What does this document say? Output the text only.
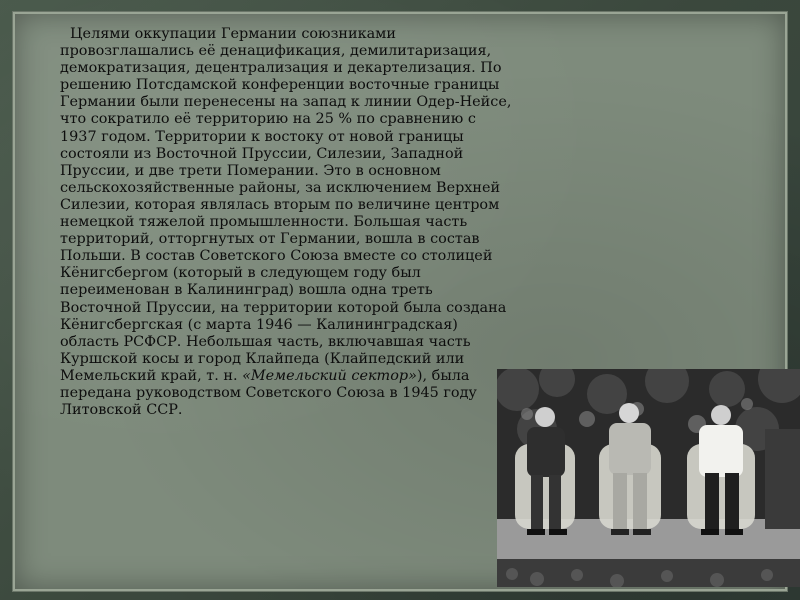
Целями оккупации Германии союзниками провозглашались её денацификация, демилитаризация, демократизация, децентрализация и декартелизация. По решению Потсдамской конференции восточные границы Германии были перенесены на запад к линии Одер-Нейсе, что сократило её территорию на 25 % по сравнению с 1937 годом. Территории к востоку от новой границы состояли из Восточной Пруссии, Силезии, Западной Пруссии, и две трети Померании. Это в основном сельскохозяйственные районы, за исключением Верхней Силезии, которая являлась вторым по величине центром немецкой тяжелой промышленности. Большая часть территорий, отторгнутых от Германии, вошла в состав Польши. В состав Советского Союза вместе со столицей Кёнигсбергом (который в следующем году был переименован в Калининград) вошла одна треть Восточной Пруссии, на территории которой была создана Кёнигсбергская (с марта 1946 — Калининградская) область РСФСР. Небольшая часть, включавшая часть Куршской косы и город Клайпеда (Клайпедский или Мемельский край, т. н. «Мемельский сектор»), была передана руководством Советского Союза в 1945 году Литовской ССР.
